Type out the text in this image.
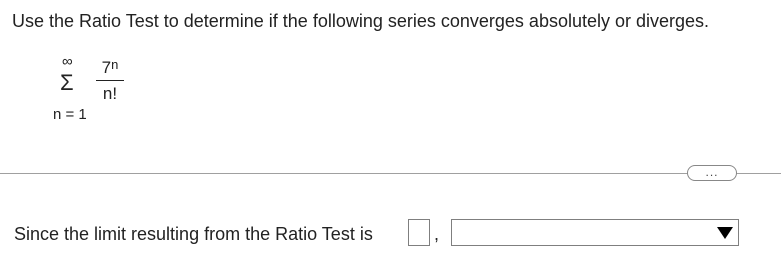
Use the Ratio Test to determine if the following series converges absolutely or diverges.
∞
Σ
n = 1
7$^n$
n!
...
Since the limit resulting from the Ratio Test is	,
